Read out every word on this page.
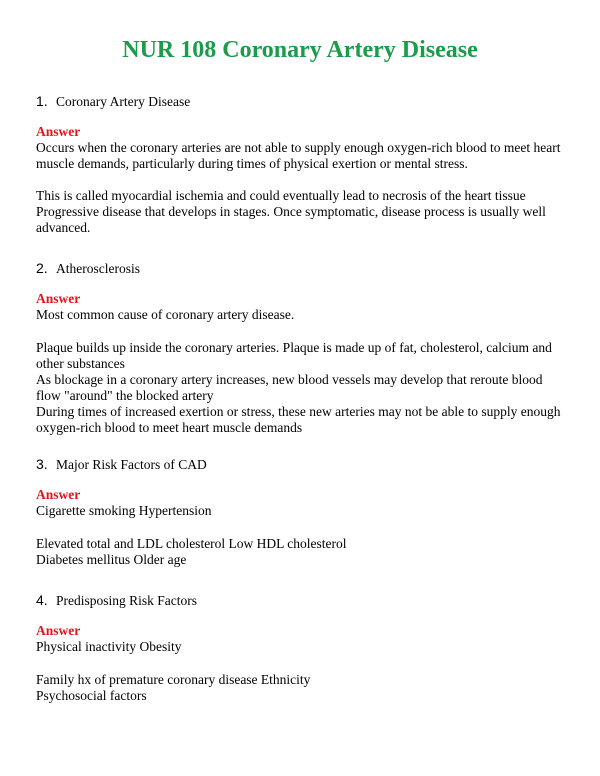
NUR 108 Coronary Artery Disease
1. Coronary Artery Disease
Answer

Occurs when the coronary arteries are not able to supply enough oxygen-rich blood to meet heart muscle demands, particularly during times of physical exertion or mental stress.

This is called myocardial ischemia and could eventually lead to necrosis of the heart tissue Progressive disease that develops in stages. Once symptomatic, disease process is usually well advanced.

2. Atherosclerosis
Answer

Most common cause of coronary artery disease.

Plaque builds up inside the coronary arteries. Plaque is made up of fat, cholesterol, calcium and other substances
As blockage in a coronary artery increases, new blood vessels may develop that reroute blood flow "around" the blocked artery
During times of increased exertion or stress, these new arteries may not be able to supply enough oxygen-rich blood to meet heart muscle demands

3. Major Risk Factors of CAD
Answer

Cigarette smoking Hypertension

Elevated total and LDL cholesterol Low HDL cholesterol
Diabetes mellitus Older age

4. Predisposing Risk Factors
Answer

Physical inactivity Obesity

Family hx of premature coronary disease Ethnicity
Psychosocial factors
